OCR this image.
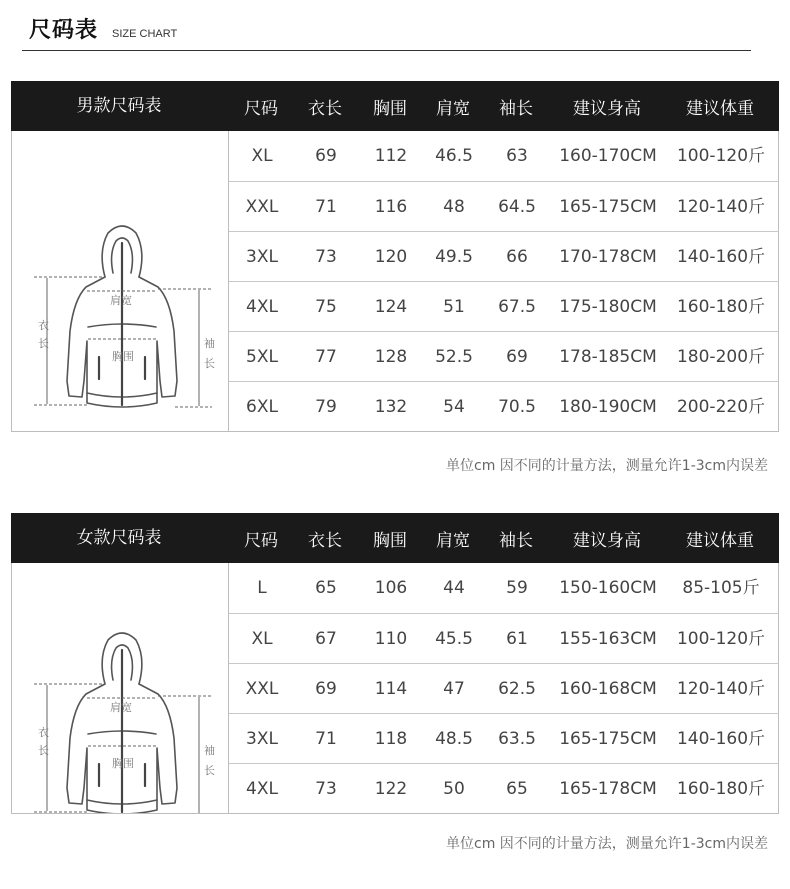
尺码表 SIZE CHART
男款尺码表	尺码	衣长	胸围	肩宽	袖长	建议身高	建议体重
衣
长	袖
长
肩宽
胸围
XL	69	112	46.5	63	160-170CM	100-120斤
XXL	71	116	48	64.5	165-175CM	120-140斤
3XL	73	120	49.5	66	170-178CM	140-160斤
4XL	75	124	51	67.5	175-180CM	160-180斤
5XL	77	128	52.5	69	178-185CM	180-200斤
6XL	79	132	54	70.5	180-190CM	200-220斤
单位cm 因不同的计量方法，测量允许1-3cm内误差
女款尺码表	尺码	衣长	胸围	肩宽	袖长	建议身高	建议体重
衣
长	袖
长
肩宽
胸围
L	65	106	44	59	150-160CM	85-105斤
XL	67	110	45.5	61	155-163CM	100-120斤
XXL	69	114	47	62.5	160-168CM	120-140斤
3XL	71	118	48.5	63.5	165-175CM	140-160斤
4XL	73	122	50	65	165-178CM	160-180斤
单位cm 因不同的计量方法，测量允许1-3cm内误差
